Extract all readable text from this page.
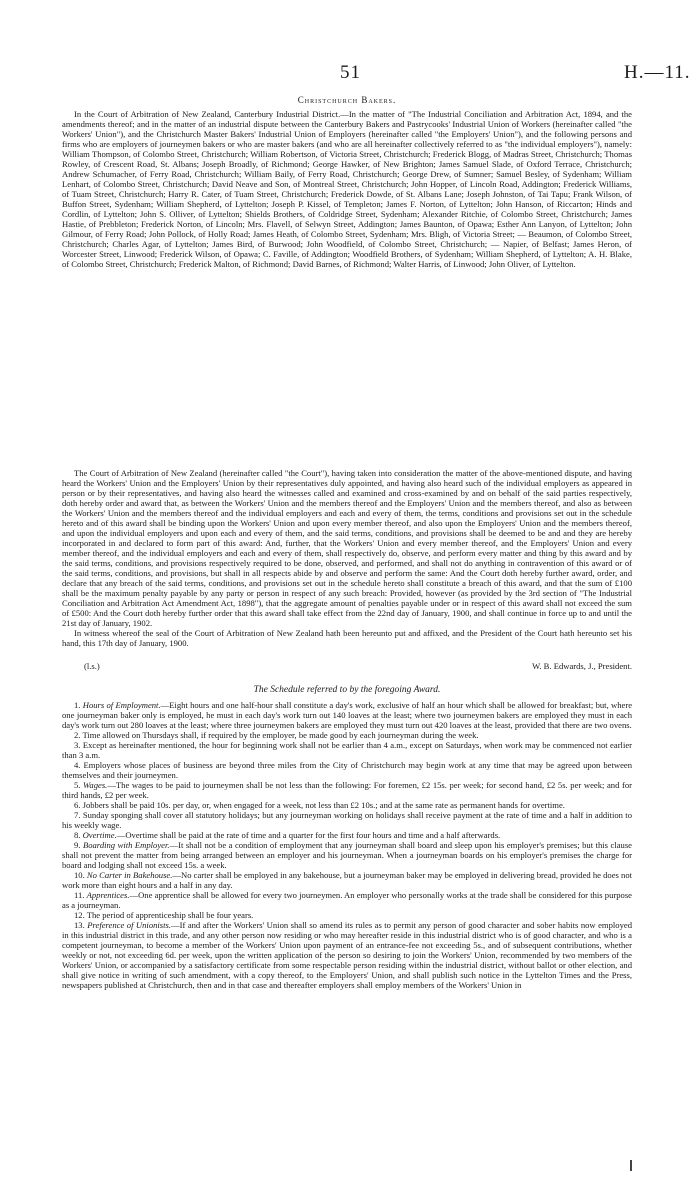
51	H.—11.
Christchurch Bakers.

In the Court of Arbitration of New Zealand, Canterbury Industrial District.—In the matter of "The Industrial Conciliation and Arbitration Act, 1894, and the amendments thereof; and in the matter of an industrial dispute between the Canterbury Bakers and Pastrycooks' Industrial Union of Workers (hereinafter called "the Workers' Union"), and the Christchurch Master Bakers' Industrial Union of Employers (hereinafter called "the Employers' Union"), and the following persons and firms who are employers of journeymen bakers or who are master bakers (and who are all hereinafter collectively referred to as "the individual employers"), namely: William Thompson, of Colombo Street, Christchurch; William Robertson, of Victoria Street, Christchurch; Frederick Blogg, of Madras Street, Christchurch; Thomas Rowley, of Crescent Road, St. Albans; Joseph Broadly, of Richmond; George Hawker, of New Brighton; James Samuel Slade, of Oxford Terrace, Christchurch; Andrew Schumacher, of Ferry Road, Christchurch; William Baily, of Ferry Road, Christchurch; George Drew, of Sumner; Samuel Besley, of Sydenham; William Lenhart, of Colombo Street, Christchurch; David Neave and Son, of Montreal Street, Christchurch; John Hopper, of Lincoln Road, Addington; Frederick Williams, of Tuam Street, Christchurch; Harry R. Cater, of Tuam Street, Christchurch; Frederick Dowde, of St. Albans Lane; Joseph Johnston, of Tai Tapu; Frank Wilson, of Buffon Street, Sydenham; William Shepherd, of Lyttelton; Joseph P. Kissel, of Templeton; James F. Norton, of Lyttelton; John Hanson, of Riccarton; Hinds and Cordlin, of Lyttelton; John S. Olliver, of Lyttelton; Shields Brothers, of Coldridge Street, Sydenham; Alexander Ritchie, of Colombo Street, Christchurch; James Hastie, of Prebbleton; Frederick Norton, of Lincoln; Mrs. Flavell, of Selwyn Street, Addington; James Baunton, of Opawa; Esther Ann Lanyon, of Lyttelton; John Gilmour, of Ferry Road; John Pollock, of Holly Road; James Heath, of Colombo Street, Sydenham; Mrs. Bligh, of Victoria Street; — Beaumon, of Colombo Street, Christchurch; Charles Agar, of Lyttelton; James Bird, of Burwood; John Woodfield, of Colombo Street, Christchurch; — Napier, of Belfast; James Heron, of Worcester Street, Linwood; Frederick Wilson, of Opawa; C. Faville, of Addington; Woodfield Brothers, of Sydenham; William Shepherd, of Lyttelton; A. H. Blake, of Colombo Street, Christchurch; Frederick Malton, of Richmond; David Barnes, of Richmond; Walter Harris, of Linwood; John Oliver, of Lyttelton.

The Court of Arbitration of New Zealand (hereinafter called "the Court"), having taken into consideration the matter of the above-mentioned dispute, and having heard the Workers' Union and the Employers' Union by their representatives duly appointed, and having also heard such of the individual employers as appeared in person or by their representatives, and having also heard the witnesses called and examined and cross-examined by and on behalf of the said parties respectively, doth hereby order and award that, as between the Workers' Union and the members thereof and the Employers' Union and the members thereof, and also as between the Workers' Union and the members thereof and the individual employers and each and every of them, the terms, conditions and provisions set out in the schedule hereto and of this award shall be binding upon the Workers' Union and upon every member thereof, and also upon the Employers' Union and the members thereof, and upon the individual employers and upon each and every of them, and the said terms, conditions, and provisions shall be deemed to be and and they are hereby incorporated in and declared to form part of this award: And, further, that the Workers' Union and every member thereof, and the Employers' Union and every member thereof, and the individual employers and each and every of them, shall respectively do, observe, and perform every matter and thing by this award and by the said terms, conditions, and provisions respectively required to be done, observed, and performed, and shall not do anything in contravention of this award or of the said terms, conditions, and provisions, but shall in all respects abide by and observe and perform the same: And the Court doth hereby further award, order, and declare that any breach of the said terms, conditions, and provisions set out in the schedule hereto shall constitute a breach of this award, and that the sum of £100 shall be the maximum penalty payable by any party or person in respect of any such breach: Provided, however (as provided by the 3rd section of "The Industrial Conciliation and Arbitration Act Amendment Act, 1898"), that the aggregate amount of penalties payable under or in respect of this award shall not exceed the sum of £500: And the Court doth hereby further order that this award shall take effect from the 22nd day of January, 1900, and shall continue in force up to and until the 21st day of January, 1902.

In witness whereof the seal of the Court of Arbitration of New Zealand hath been hereunto put and affixed, and the President of the Court hath hereunto set his hand, this 17th day of January, 1900.

(l.s.)	W. B. Edwards, J., President.
The Schedule referred to by the foregoing Award.

1. Hours of Employment.—Eight hours and one half-hour shall constitute a day's work, exclusive of half an hour which shall be allowed for breakfast; but, where one journeyman baker only is employed, he must in each day's work turn out 140 loaves at the least; where two journeymen bakers are employed they must in each day's work turn out 280 loaves at the least; where three journeymen bakers are employed they must turn out 420 loaves at the least, provided that there are two ovens.

2. Time allowed on Thursdays shall, if required by the employer, be made good by each journeyman during the week.

3. Except as hereinafter mentioned, the hour for beginning work shall not be earlier than 4 a.m., except on Saturdays, when work may be commenced not earlier than 3 a.m.

4. Employers whose places of business are beyond three miles from the City of Christchurch may begin work at any time that may be agreed upon between themselves and their journeymen.

5. Wages.—The wages to be paid to journeymen shall be not less than the following: For foremen, £2 15s. per week; for second hand, £2 5s. per week; and for third hands, £2 per week.

6. Jobbers shall be paid 10s. per day, or, when engaged for a week, not less than £2 10s.; and at the same rate as permanent hands for overtime.

7. Sunday sponging shall cover all statutory holidays; but any journeyman working on holidays shall receive payment at the rate of time and a half in addition to his weekly wage.

8. Overtime.—Overtime shall be paid at the rate of time and a quarter for the first four hours and time and a half afterwards.

9. Boarding with Employer.—It shall not be a condition of employment that any journeyman shall board and sleep upon his employer's premises; but this clause shall not prevent the matter from being arranged between an employer and his journeyman. When a journeyman boards on his employer's premises the charge for board and lodging shall not exceed 15s. a week.

10. No Carter in Bakehouse.—No carter shall be employed in any bakehouse, but a journeyman baker may be employed in delivering bread, provided he does not work more than eight hours and a half in any day.

11. Apprentices.—One apprentice shall be allowed for every two journeymen. An employer who personally works at the trade shall be considered for this purpose as a journeyman.

12. The period of apprenticeship shall be four years.

13. Preference of Unionists.—If and after the Workers' Union shall so amend its rules as to permit any person of good character and sober habits now employed in this industrial district in this trade, and any other person now residing or who may hereafter reside in this industrial district who is of good character, and who is a competent journeyman, to become a member of the Workers' Union upon payment of an entrance-fee not exceeding 5s., and of subsequent contributions, whether weekly or not, not exceeding 6d. per week, upon the written application of the person so desiring to join the Workers' Union, recommended by two members of the Workers' Union, or accompanied by a satisfactory certificate from some respectable person residing within the industrial district, without ballot or other election, and shall give notice in writing of such amendment, with a copy thereof, to the Employers' Union, and shall publish such notice in the Lyttelton Times and the Press, newspapers published at Christchurch, then and in that case and thereafter employers shall employ members of the Workers' Union in
